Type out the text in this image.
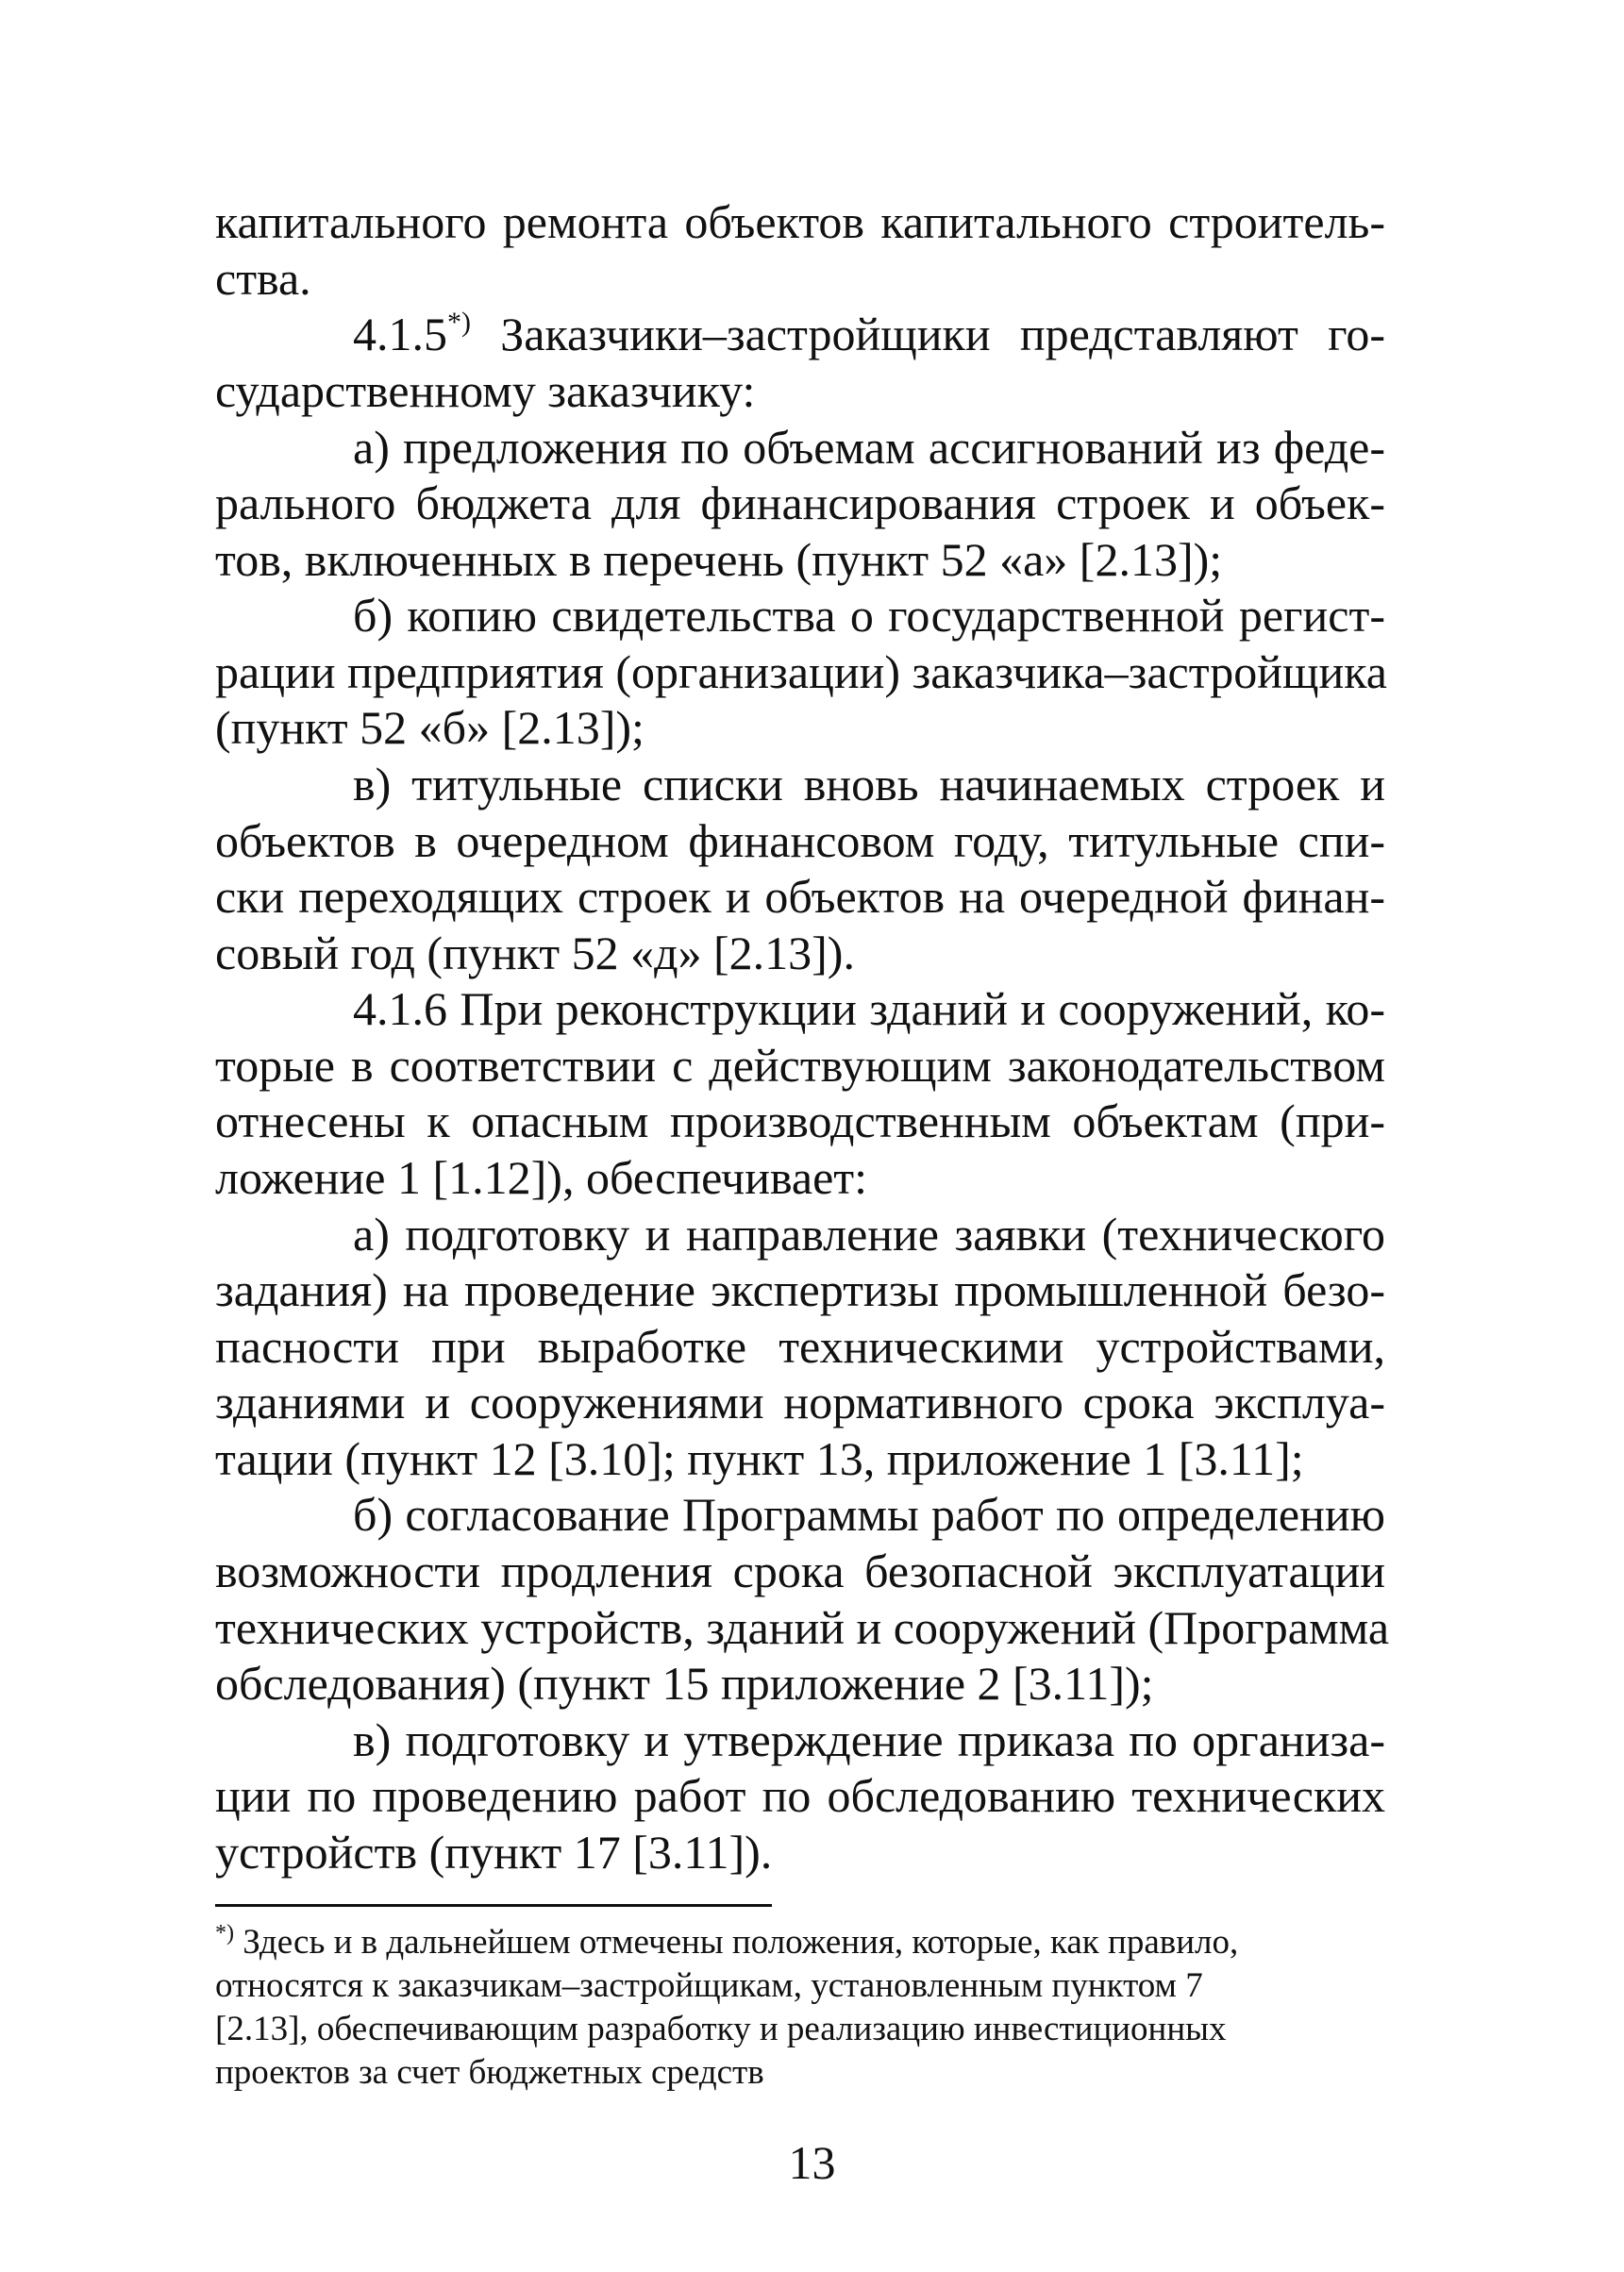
капитального ремонта объектов капитального строитель-
ства.
4.1.5*) Заказчики–застройщики представляют го-
сударственному заказчику:
а) предложения по объемам ассигнований из феде-
рального бюджета для финансирования строек и объек-
тов, включенных в перечень (пункт 52 «а» [2.13]);
б) копию свидетельства о государственной регист-
рации предприятия (организации) заказчика–застройщика
(пункт 52 «б» [2.13]);
в) титульные списки вновь начинаемых строек и
объектов в очередном финансовом году, титульные спи-
ски переходящих строек и объектов на очередной финан-
совый год (пункт 52 «д» [2.13]).
4.1.6 При реконструкции зданий и сооружений, ко-
торые в соответствии с действующим законодательством
отнесены к опасным производственным объектам (при-
ложение 1 [1.12]), обеспечивает:
а) подготовку и направление заявки (технического
задания) на проведение экспертизы промышленной безо-
пасности при выработке техническими устройствами,
зданиями и сооружениями нормативного срока эксплуа-
тации (пункт 12 [3.10]; пункт 13, приложение 1 [3.11];
б) согласование Программы работ по определению
возможности продления срока безопасной эксплуатации
технических устройств, зданий и сооружений (Программа
обследования) (пункт 15 приложение 2 [3.11]);
в) подготовку и утверждение приказа по организа-
ции по проведению работ по обследованию технических
устройств (пункт 17 [3.11]).
*) Здесь и в дальнейшем отмечены положения, которые, как правило,
относятся к заказчикам–застройщикам, установленным пунктом 7
[2.13], обеспечивающим разработку и реализацию инвестиционных
проектов за счет бюджетных средств
13
